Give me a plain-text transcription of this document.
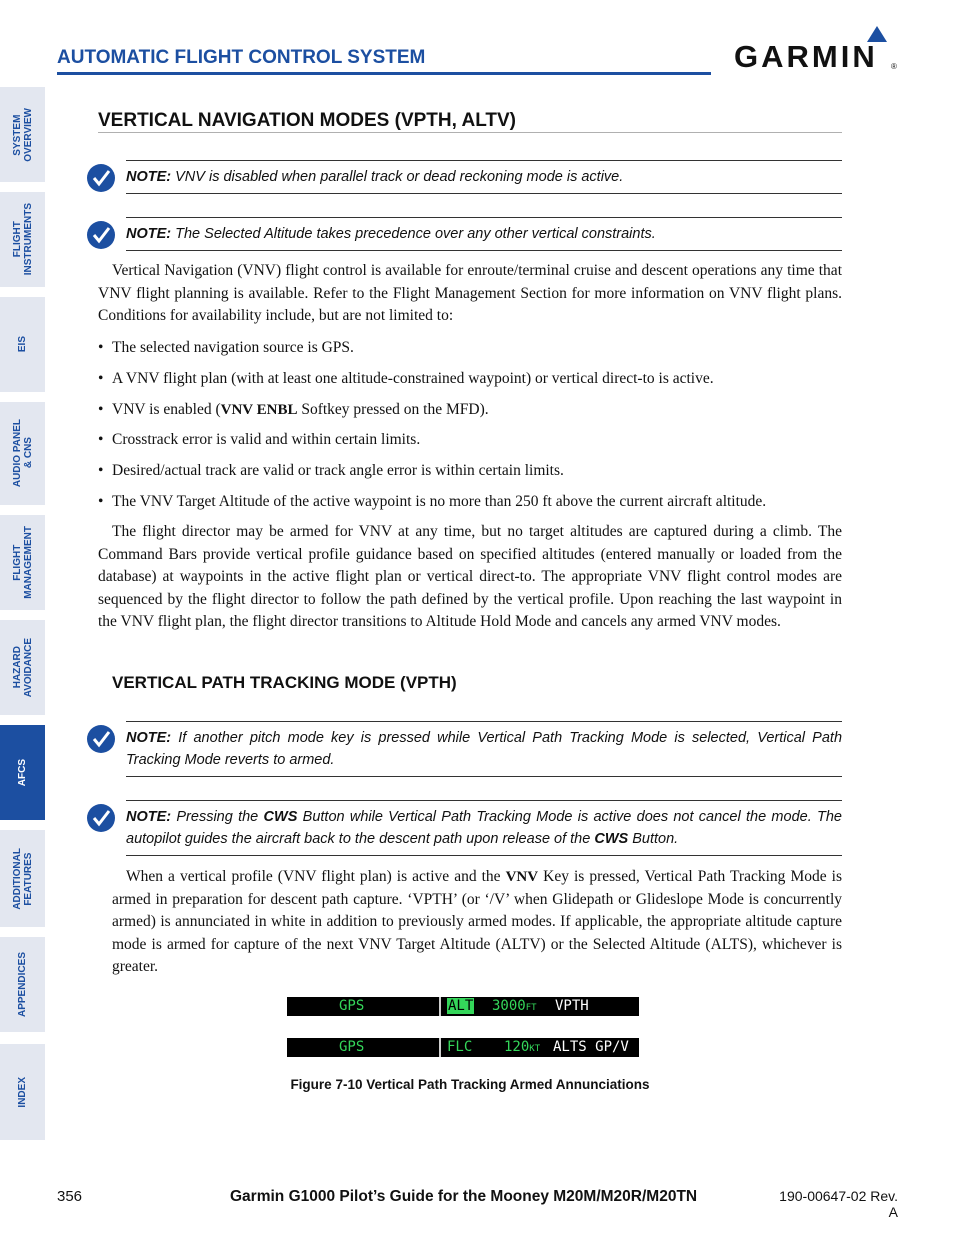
AUTOMATIC FLIGHT CONTROL SYSTEM	GARMIN ®
SYSTEM
OVERVIEW
FLIGHT
INSTRUMENTS
EIS
AUDIO PANEL
& CNS
FLIGHT
MANAGEMENT
HAZARD
AVOIDANCE
AFCS
ADDITIONAL
FEATURES
APPENDICES
INDEX
VERTICAL NAVIGATION MODES (VPTH, ALTV)
NOTE: VNV is disabled when parallel track or dead reckoning mode is active.
NOTE: The Selected Altitude takes precedence over any other vertical constraints.

Vertical Navigation (VNV) flight control is available for enroute/terminal cruise and descent operations any time that VNV flight planning is available. Refer to the Flight Management Section for more information on VNV flight plans. Conditions for availability include, but are not limited to:

• The selected navigation source is GPS.
• A VNV flight plan (with at least one altitude-constrained waypoint) or vertical direct-to is active.
• VNV is enabled (VNV ENBL Softkey pressed on the MFD).
• Crosstrack error is valid and within certain limits.
• Desired/actual track are valid or track angle error is within certain limits.
• The VNV Target Altitude of the active waypoint is no more than 250 ft above the current aircraft altitude.

The flight director may be armed for VNV at any time, but no target altitudes are captured during a climb. The Command Bars provide vertical profile guidance based on specified altitudes (entered manually or loaded from the database) at waypoints in the active flight plan or vertical direct-to. The appropriate VNV flight control modes are sequenced by the flight director to follow the path defined by the vertical profile. Upon reaching the last waypoint in the VNV flight plan, the flight director transitions to Altitude Hold Mode and cancels any armed VNV modes.

VERTICAL PATH TRACKING MODE (VPTH)
NOTE: If another pitch mode key is pressed while Vertical Path Tracking Mode is selected, Vertical Path Tracking Mode reverts to armed.
NOTE: Pressing the CWS Button while Vertical Path Tracking Mode is active does not cancel the mode. The autopilot guides the aircraft back to the descent path upon release of the CWS Button.

When a vertical profile (VNV flight plan) is active and the VNV Key is pressed, Vertical Path Tracking Mode is armed in preparation for descent path capture. ‘VPTH’ (or ‘/V’ when Glidepath or Glideslope Mode is concurrently armed) is annunciated in white in addition to previously armed modes. If applicable, the appropriate altitude capture mode is armed for capture of the next VNV Target Altitude (ALTV) or the Selected Altitude (ALTS), whichever is greater.

GPS	ALT 3000FT VPTH
GPS	FLC 120KT ALTS GP/V
Figure 7-10 Vertical Path Tracking Armed Annunciations
356	Garmin G1000 Pilot’s Guide for the Mooney M20M/M20R/M20TN	190-00647-02 Rev. A
